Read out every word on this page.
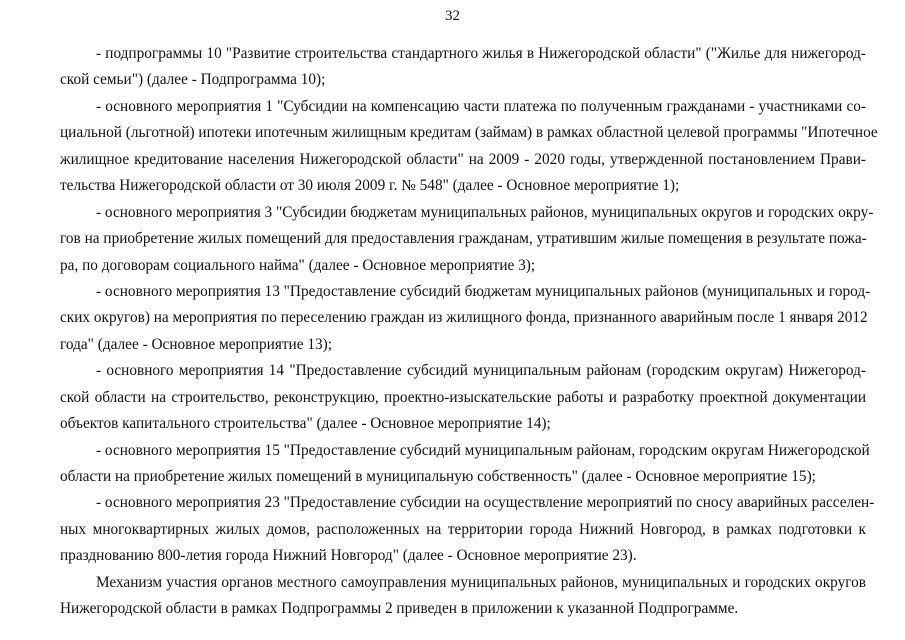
32
- подпрограммы 10 "Развитие строительства стандартного жилья в Нижегородской области" ("Жилье для нижегород-
ской семьи") (далее - Подпрограмма 10);
- основного мероприятия 1 "Субсидии на компенсацию части платежа по полученным гражданами - участниками со-
циальной (льготной) ипотеки ипотечным жилищным кредитам (займам) в рамках областной целевой программы "Ипотечное
жилищное кредитование населения Нижегородской области" на 2009 - 2020 годы, утвержденной постановлением Прави-
тельства Нижегородской области от 30 июля 2009 г. № 548" (далее - Основное мероприятие 1);
- основного мероприятия 3 "Субсидии бюджетам муниципальных районов, муниципальных округов и городских окру-
гов на приобретение жилых помещений для предоставления гражданам, утратившим жилые помещения в результате пожа-
ра, по договорам социального найма" (далее - Основное мероприятие 3);
- основного мероприятия 13 "Предоставление субсидий бюджетам муниципальных районов (муниципальных и город-
ских округов) на мероприятия по переселению граждан из жилищного фонда, признанного аварийным после 1 января 2012
года" (далее - Основное мероприятие 13);
- основного мероприятия 14 "Предоставление субсидий муниципальным районам (городским округам) Нижегород-
ской области на строительство, реконструкцию, проектно-изыскательские работы и разработку проектной документации
объектов капитального строительства" (далее - Основное мероприятие 14);
- основного мероприятия 15 "Предоставление субсидий муниципальным районам, городским округам Нижегородской
области на приобретение жилых помещений в муниципальную собственность" (далее - Основное мероприятие 15);
- основного мероприятия 23 "Предоставление субсидии на осуществление мероприятий по сносу аварийных расселен-
ных многоквартирных жилых домов, расположенных на территории города Нижний Новгород, в рамках подготовки к
празднованию 800-летия города Нижний Новгород" (далее - Основное мероприятие 23).
Механизм участия органов местного самоуправления муниципальных районов, муниципальных и городских округов
Нижегородской области в рамках Подпрограммы 2 приведен в приложении к указанной Подпрограмме.
